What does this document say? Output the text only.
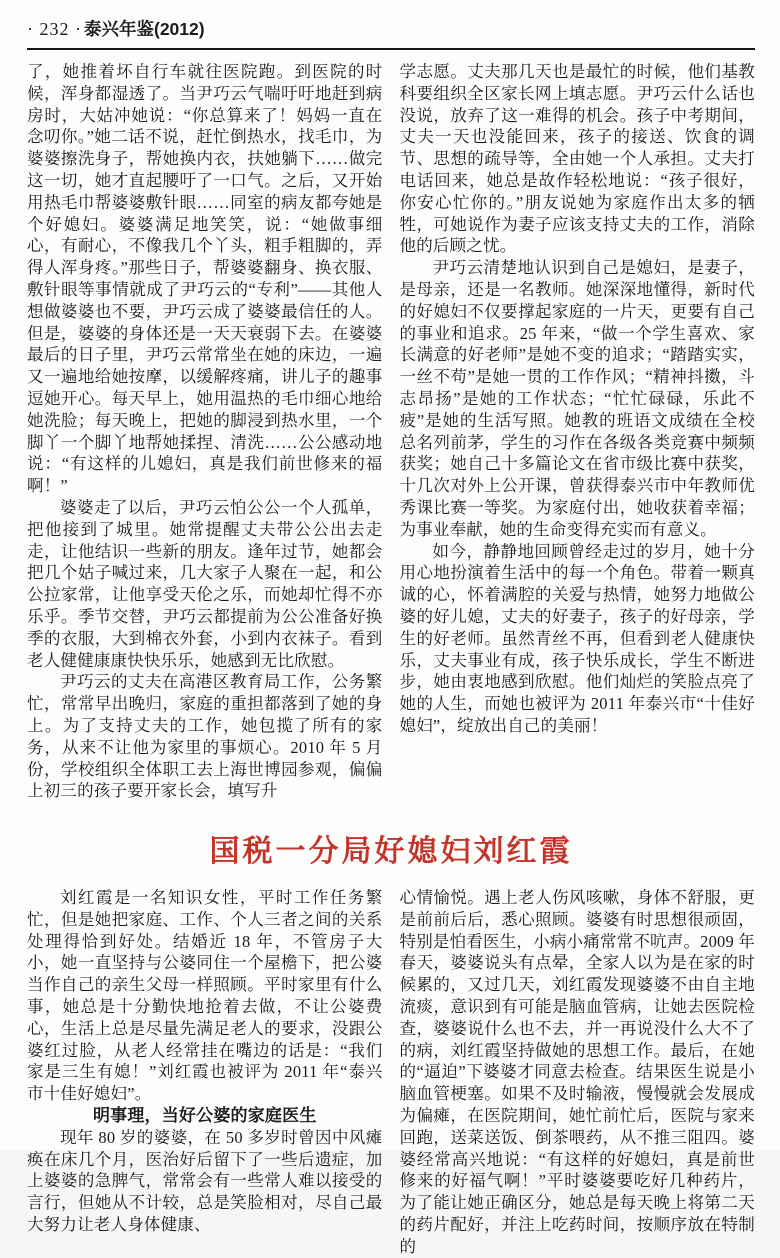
· 232 · 泰兴年鉴(2012)

了，她推着坏自行车就往医院跑。到医院的时候，浑身都湿透了。当尹巧云气喘吁吁地赶到病房时，大姑冲她说：“你总算来了！妈妈一直在念叨你。”她二话不说，赶忙倒热水，找毛巾，为婆婆擦洗身子，帮她换内衣，扶她躺下……做完这一切，她才直起腰吁了一口气。之后，又开始用热毛巾帮婆婆敷针眼……同室的病友都夸她是个好媳妇。婆婆满足地笑笑，说：“她做事细心，有耐心，不像我几个丫头，粗手粗脚的，弄得人浑身疼。”那些日子，帮婆婆翻身、换衣服、敷针眼等事情就成了尹巧云的“专利”——其他人想做婆婆也不要，尹巧云成了婆婆最信任的人。但是，婆婆的身体还是一天天衰弱下去。在婆婆最后的日子里，尹巧云常常坐在她的床边，一遍又一遍地给她按摩，以缓解疼痛，讲儿子的趣事逗她开心。每天早上，她用温热的毛巾细心地给她洗脸；每天晚上，把她的脚浸到热水里，一个脚丫一个脚丫地帮她揉捏、清洗……公公感动地说：“有这样的儿媳妇，真是我们前世修来的福啊！”

婆婆走了以后，尹巧云怕公公一个人孤单，把他接到了城里。她常提醒丈夫带公公出去走走，让他结识一些新的朋友。逢年过节，她都会把几个姑子喊过来，几大家子人聚在一起，和公公拉家常，让他享受天伦之乐，而她却忙得不亦乐乎。季节交替，尹巧云都提前为公公准备好换季的衣服，大到棉衣外套，小到内衣袜子。看到老人健健康康快快乐乐，她感到无比欣慰。

尹巧云的丈夫在高港区教育局工作，公务繁忙，常常早出晚归，家庭的重担都落到了她的身上。为了支持丈夫的工作，她包揽了所有的家务，从来不让他为家里的事烦心。2010 年 5 月份，学校组织全体职工去上海世博园参观，偏偏上初三的孩子要开家长会，填写升

学志愿。丈夫那几天也是最忙的时候，他们基教科要组织全区家长网上填志愿。尹巧云什么话也没说，放弃了这一难得的机会。孩子中考期间，丈夫一天也没能回来，孩子的接送、饮食的调节、思想的疏导等，全由她一个人承担。丈夫打电话回来，她总是故作轻松地说：“孩子很好，你安心忙你的。”朋友说她为家庭作出太多的牺牲，可她说作为妻子应该支持丈夫的工作，消除他的后顾之忧。

尹巧云清楚地认识到自己是媳妇，是妻子，是母亲，还是一名教师。她深深地懂得，新时代的好媳妇不仅要撑起家庭的一片天，更要有自己的事业和追求。25 年来，“做一个学生喜欢、家长满意的好老师”是她不变的追求；“踏踏实实，一丝不苟”是她一贯的工作作风；“精神抖擞，斗志昂扬”是她的工作状态；“忙忙碌碌，乐此不疲”是她的生活写照。她教的班语文成绩在全校总名列前茅，学生的习作在各级各类竞赛中频频获奖；她自己十多篇论文在省市级比赛中获奖，十几次对外上公开课，曾获得泰兴市中年教师优秀课比赛一等奖。为家庭付出，她收获着幸福；为事业奉献，她的生命变得充实而有意义。

如今，静静地回顾曾经走过的岁月，她十分用心地扮演着生活中的每一个角色。带着一颗真诚的心，怀着满腔的关爱与热情，她努力地做公婆的好儿媳，丈夫的好妻子，孩子的好母亲，学生的好老师。虽然青丝不再，但看到老人健康快乐，丈夫事业有成，孩子快乐成长，学生不断进步，她由衷地感到欣慰。他们灿烂的笑脸点亮了她的人生，而她也被评为 2011 年泰兴市“十佳好媳妇”，绽放出自己的美丽！

国税一分局好媳妇刘红霞

刘红霞是一名知识女性，平时工作任务繁忙，但是她把家庭、工作、个人三者之间的关系处理得恰到好处。结婚近 18 年，不管房子大小，她一直坚持与公婆同住一个屋檐下，把公婆当作自己的亲生父母一样照顾。平时家里有什么事，她总是十分勤快地抢着去做，不让公婆费心，生活上总是尽量先满足老人的要求，没跟公婆红过脸，从老人经常挂在嘴边的话是：“我们家是三生有媳！”刘红霞也被评为 2011 年“泰兴市十佳好媳妇”。

明事理，当好公婆的家庭医生

现年 80 岁的婆婆，在 50 多岁时曾因中风瘫痪在床几个月，医治好后留下了一些后遗症，加上婆婆的急脾气，常常会有一些常人难以接受的言行，但她从不计较，总是笑脸相对，尽自己最大努力让老人身体健康、

心情愉悦。遇上老人伤风咳嗽，身体不舒服，更是前前后后，悉心照顾。婆婆有时思想很顽固，特别是怕看医生，小病小痛常常不吭声。2009 年春天，婆婆说头有点晕，全家人以为是在家的时候累的，又过几天，刘红霞发现婆婆不由自主地流痰，意识到有可能是脑血管病，让她去医院检查，婆婆说什么也不去，并一再说没什么大不了的病，刘红霞坚持做她的思想工作。最后，在她的“逼迫”下婆婆才同意去检查。结果医生说是小脑血管梗塞。如果不及时输液，慢慢就会发展成为偏瘫，在医院期间，她忙前忙后，医院与家来回跑，送菜送饭、倒茶喂药，从不推三阻四。婆婆经常高兴地说：“有这样的好媳妇，真是前世修来的好福气啊！”平时婆婆要吃好几种药片，为了能让她正确区分，她总是每天晚上将第二天的药片配好，并注上吃药时间，按顺序放在特制的
